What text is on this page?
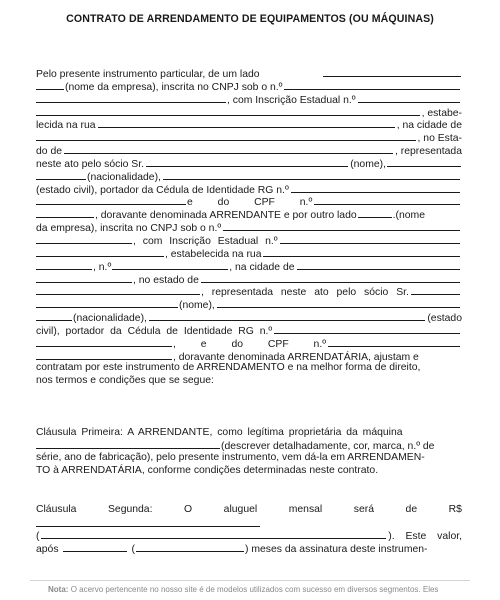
CONTRATO DE ARRENDAMENTO DE EQUIPAMENTOS (OU MÁQUINAS)
Pelo presente instrumento particular, de um lado
(nome da empresa), inscrita no CNPJ sob o n.º
, com Inscrição Estadual n.º
, estabe-
lecida na rua	, na cidade de
, no Esta-
do de	, representada
neste ato pelo sócio Sr.	(nome),
(nacionalidade),
(estado civil), portador da Cédula de Identidade RG n.º
e do CPF n.º
, doravante denominada ARRENDANTE e por outro lado	.(nome
da empresa), inscrita no CNPJ sob o n.º
, com Inscrição Estadual n.º
, estabelecida na rua
, n.º	, na cidade de
, no estado de
, representada neste ato pelo sócio Sr.
(nome),
(nacionalidade),	(estado
civil), portador da Cédula de Identidade RG n.º
, e do CPF n.º
, doravante denominada ARRENDATÁRIA, ajustam e
contratam por este instrumento de ARRENDAMENTO e na melhor forma de direito,
nos termos e condições que se segue:
Cláusula Primeira: A ARRENDANTE, como legítima proprietária da máquina
(descrever detalhadamente, cor, marca, n.º de
série, ano de fabricação), pelo presente instrumento, vem dá-la em ARRENDAMEN-
TO à ARRENDATÁRIA, conforme condições determinadas neste contrato.
Cláusula	Segunda:	O	aluguel	mensal	será	de	R$
(	). Este valor,
após	(	) meses da assinatura deste instrumen-
Nota: O acervo pertencente no nosso site é de modelos utilizados com sucesso em diversos segmentos. Eles
